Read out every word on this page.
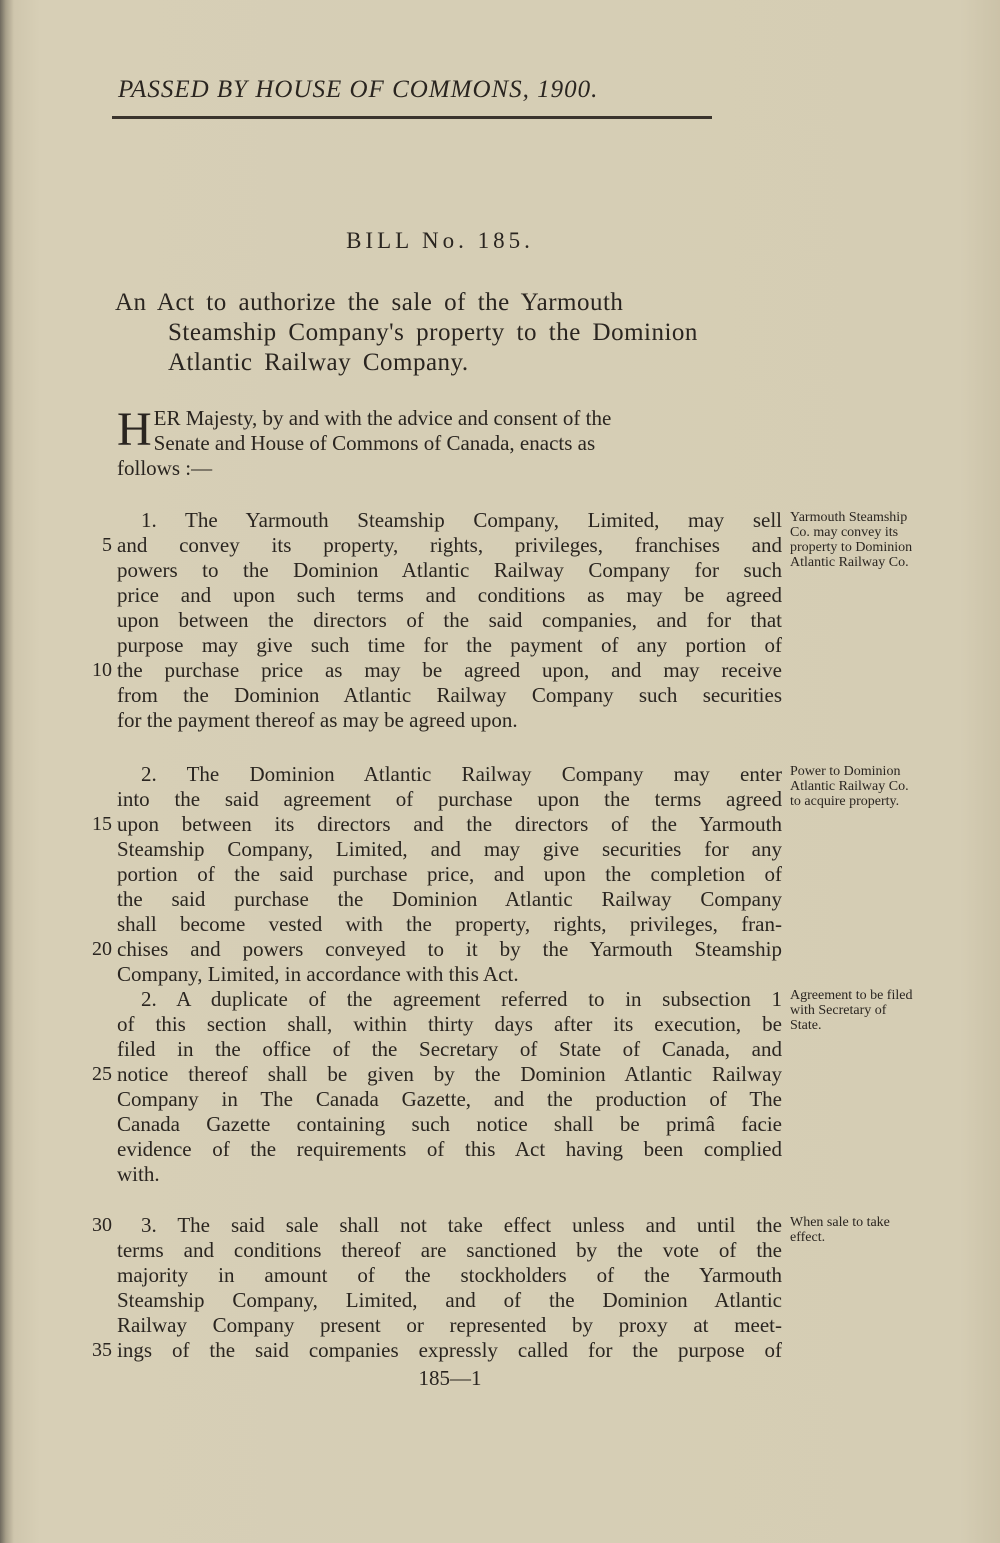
PASSED BY HOUSE OF COMMONS, 1900.
BILL No. 185.
An Act to authorize the sale of the Yarmouth
Steamship Company's property to the Dominion
Atlantic Railway Company.
H ER Majesty, by and with the advice and consent of the
Senate and House of Commons of Canada, enacts as
follows :—
1. The Yarmouth Steamship Company, Limited, may sell
and convey its property, rights, privileges, franchises and
powers to the Dominion Atlantic Railway Company for such
price and upon such terms and conditions as may be agreed
upon between the directors of the said companies, and for that
purpose may give such time for the payment of any portion of
the purchase price as may be agreed upon, and may receive
from the Dominion Atlantic Railway Company such securities
for the payment thereof as may be agreed upon.
2. The Dominion Atlantic Railway Company may enter
into the said agreement of purchase upon the terms agreed
upon between its directors and the directors of the Yarmouth
Steamship Company, Limited, and may give securities for any
portion of the said purchase price, and upon the completion of
the said purchase the Dominion Atlantic Railway Company
shall become vested with the property, rights, privileges, fran-
chises and powers conveyed to it by the Yarmouth Steamship
Company, Limited, in accordance with this Act.
2. A duplicate of the agreement referred to in subsection 1
of this section shall, within thirty days after its execution, be
filed in the office of the Secretary of State of Canada, and
notice thereof shall be given by the Dominion Atlantic Railway
Company in The Canada Gazette, and the production of The
Canada Gazette containing such notice shall be primâ facie
evidence of the requirements of this Act having been complied
with.
3. The said sale shall not take effect unless and until the
terms and conditions thereof are sanctioned by the vote of the
majority in amount of the stockholders of the Yarmouth
Steamship Company, Limited, and of the Dominion Atlantic
Railway Company present or represented by proxy at meet-
ings of the said companies expressly called for the purpose of
5
10
15
20
25
30
35
Yarmouth Steamship Co. may convey its property to Dominion Atlantic Railway Co.
Power to Dominion Atlantic Railway Co. to acquire property.
Agreement to be filed with Secretary of State.
When sale to take effect.
185—1
